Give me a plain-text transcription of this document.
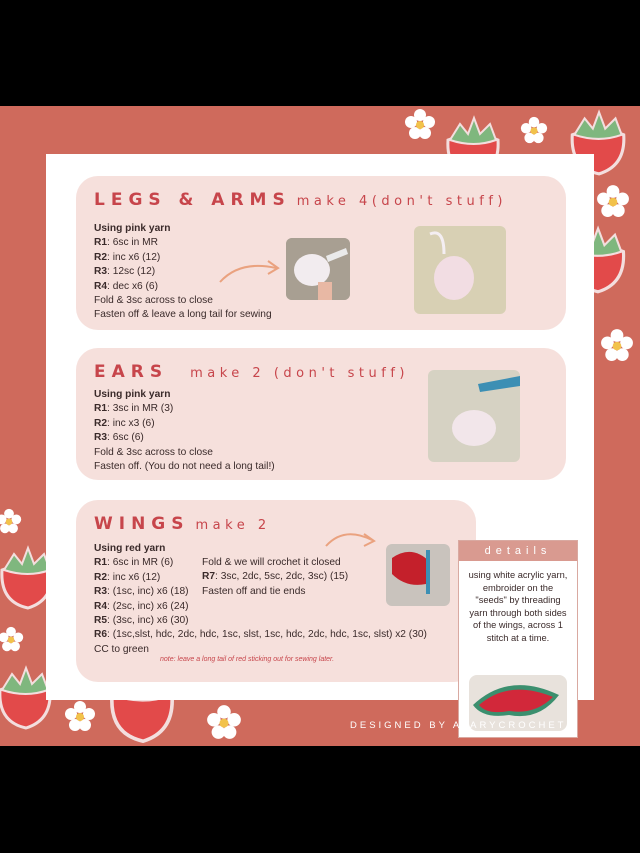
LEGS & ARMS make 4(don't stuff)
Using pink yarn
R1: 6sc in MR
R2: inc x6 (12)
R3: 12sc (12)
R4: dec x6 (6)
Fold & 3sc across to close
Fasten off & leave a long tail for sewing
EARS make 2 (don't stuff)
Using pink yarn
R1: 3sc in MR (3)
R2: inc x3 (6)
R3: 6sc (6)
Fold & 3sc across to close
Fasten off. (You do not need a long tail!)
WINGS make 2
Using red yarn
R1: 6sc in MR (6)
R2: inc x6 (12)
R3: (1sc, inc) x6 (18)
R4: (2sc, inc) x6 (24)
R5: (3sc, inc) x6 (30)
R6: (1sc,slst, hdc, 2dc, hdc, 1sc, slst, 1sc, hdc, 2dc, hdc, 1sc, slst) x2 (30)
CC to green
Fold & we will crochet it closed
R7: 3sc, 2dc, 5sc, 2dc, 3sc) (15)
Fasten off and tie ends
note: leave a long tail of red sticking out for sewing later.
details
using white acrylic yarn, embroider on the "seeds" by threading yarn through both sides of the wings, across 1 stitch at a time.
DESIGNED BY AVARYCROCHETS
